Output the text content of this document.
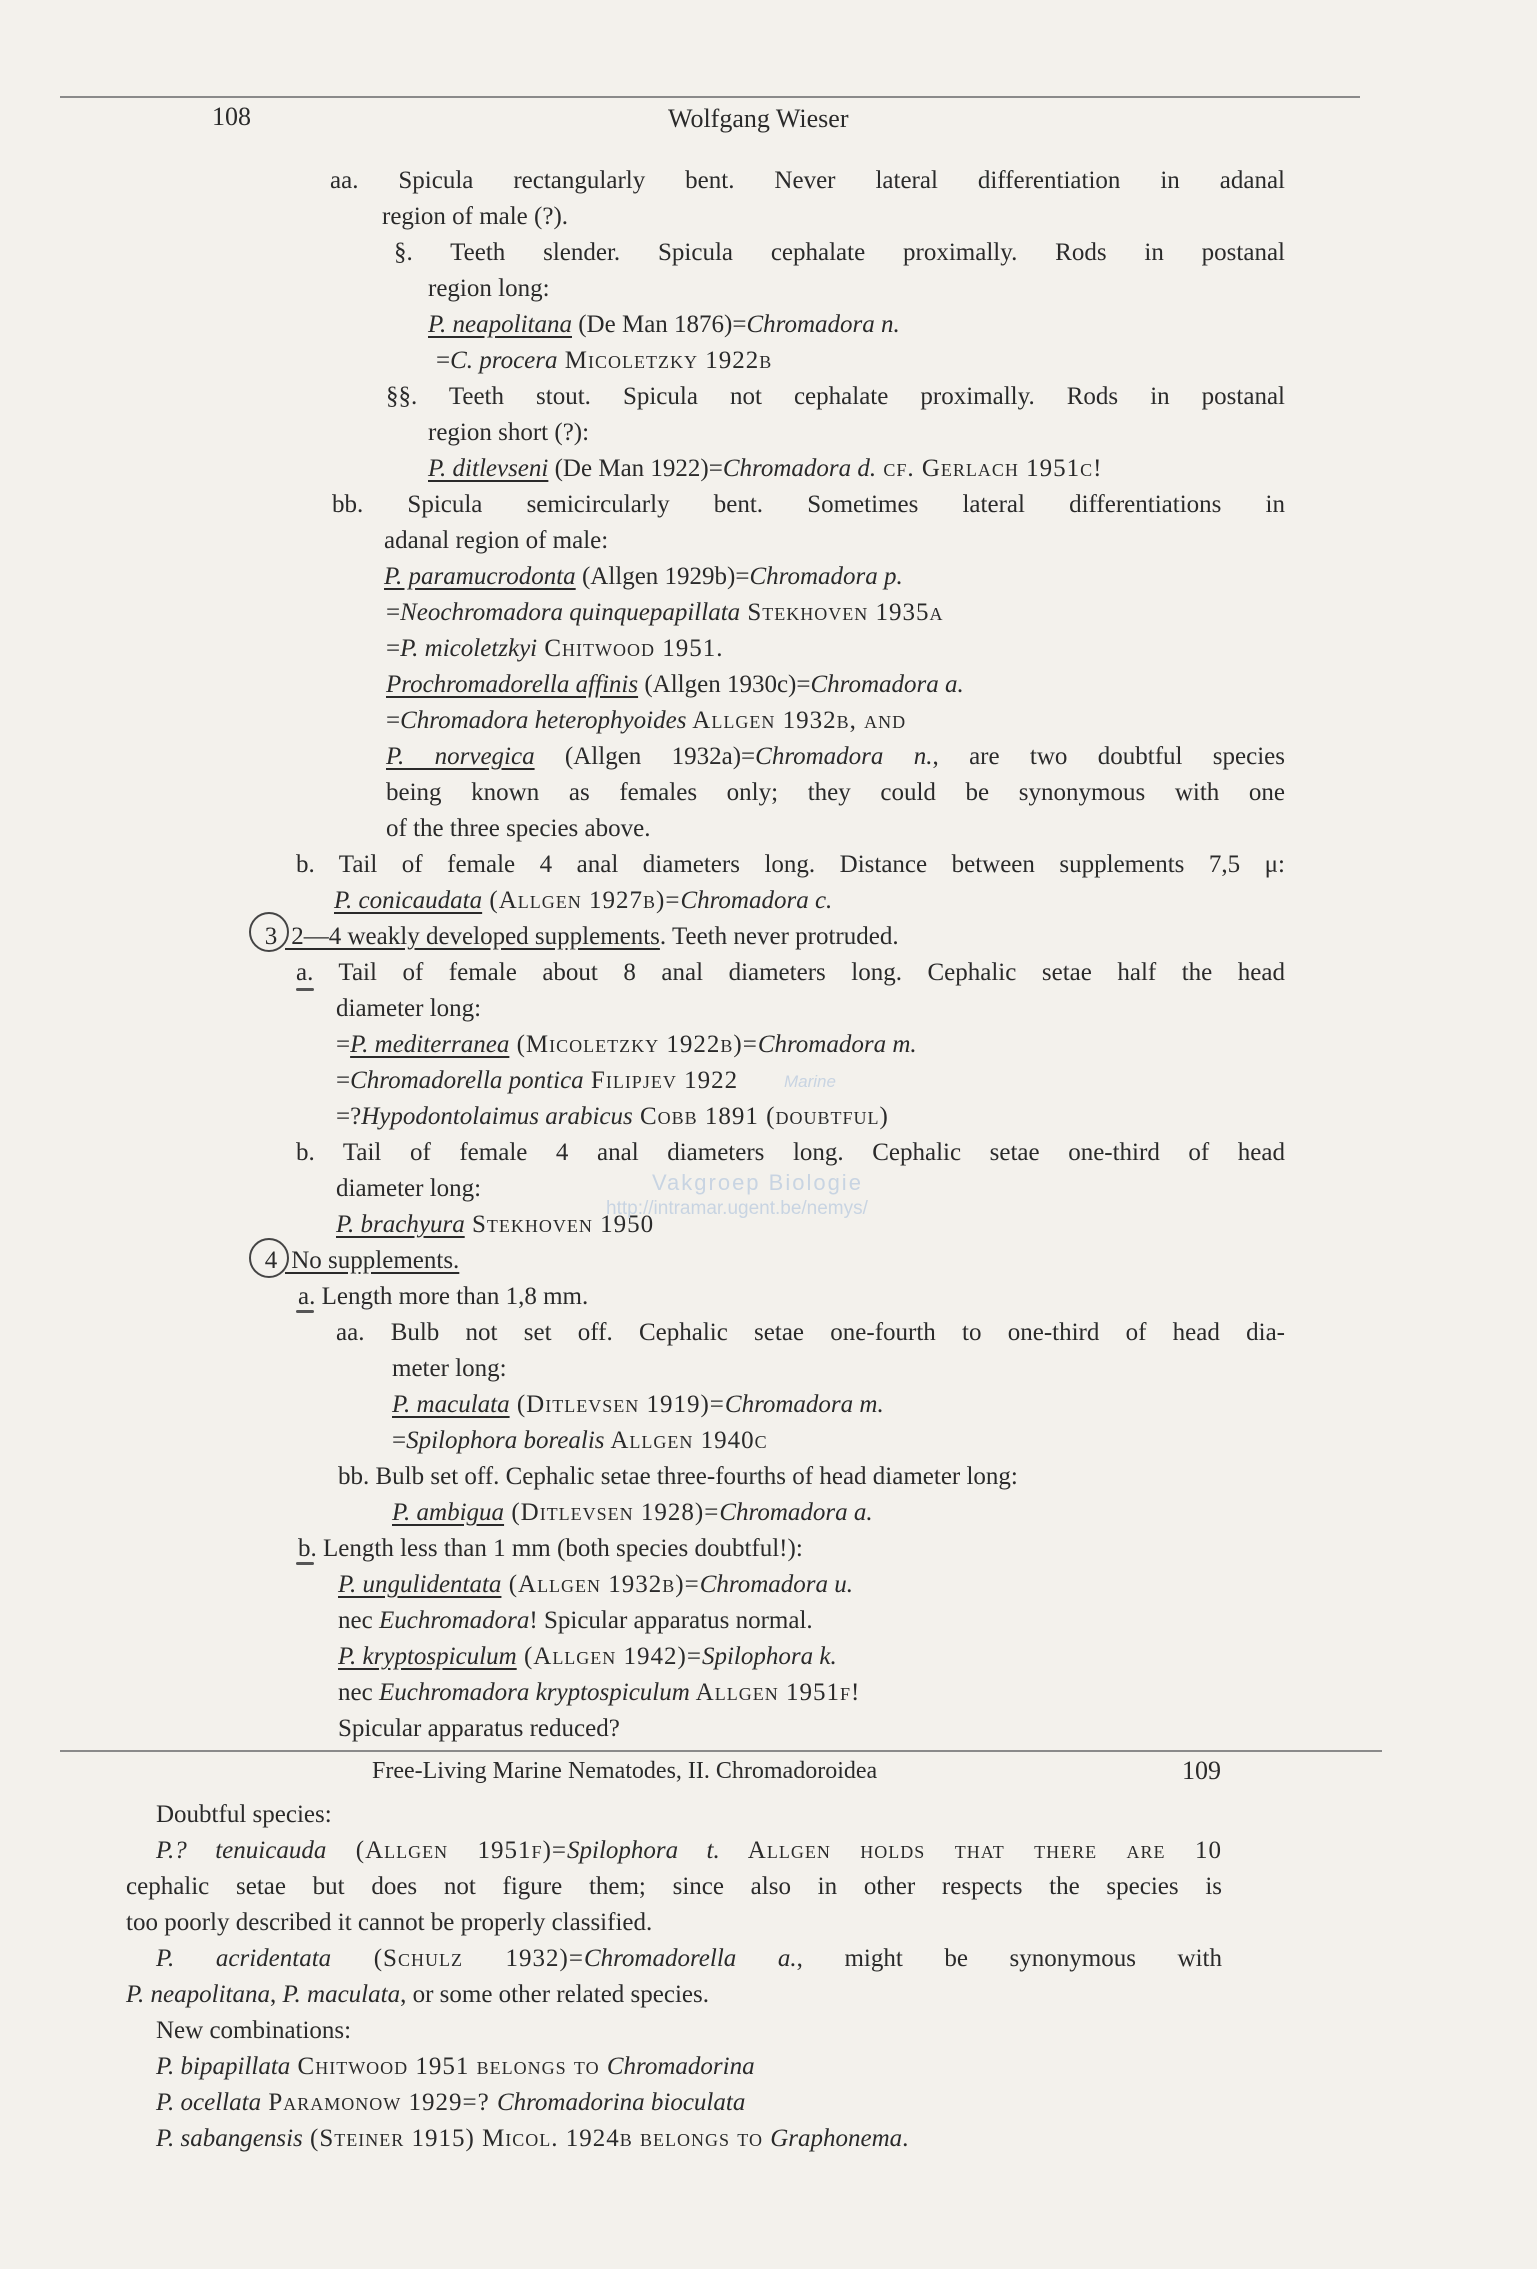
108	Wolfgang Wieser
aa. Spicula rectangularly bent. Never lateral differentiation in adanal
region of male (?).
§. Teeth slender. Spicula cephalate proximally. Rods in postanal
region long:
P. neapolitana (De Man 1876)=Chromadora n.
=C. procera Micoletzky 1922b
§§. Teeth stout. Spicula not cephalate proximally. Rods in postanal
region short (?):
P. ditlevseni (De Man 1922)=Chromadora d. cf. Gerlach 1951c!
bb. Spicula semicircularly bent. Sometimes lateral differentiations in
adanal region of male:
P. paramucrodonta (Allgen 1929b)=Chromadora p.
=Neochromadora quinquepapillata Stekhoven 1935a
=P. micoletzkyi Chitwood 1951.
Prochromadorella affinis (Allgen 1930c)=Chromadora a.
=Chromadora heterophyoides Allgen 1932b, and
P. norvegica (Allgen 1932a)=Chromadora n., are two doubtful species
being known as females only; they could be synonymous with one
of the three species above.
b. Tail of female 4 anal diameters long. Distance between supplements 7,5 μ:
P. conicaudata (Allgen 1927b)=Chromadora c.
3 2—4 weakly developed supplements. Teeth never protruded.
a. Tail of female about 8 anal diameters long. Cephalic setae half the head
diameter long:
=P. mediterranea (Micoletzky 1922b)=Chromadora m.
=Chromadorella pontica Filipjev 1922
=?Hypodontolaimus arabicus Cobb 1891 (doubtful)
b. Tail of female 4 anal diameters long. Cephalic setae one-third of head
diameter long:
P. brachyura Stekhoven 1950
4 No supplements.
a. Length more than 1,8 mm.
aa. Bulb not set off. Cephalic setae one-fourth to one-third of head dia-
meter long:
P. maculata (Ditlevsen 1919)=Chromadora m.
=Spilophora borealis Allgen 1940c
bb. Bulb set off. Cephalic setae three-fourths of head diameter long:
P. ambigua (Ditlevsen 1928)=Chromadora a.
b. Length less than 1 mm (both species doubtful!):
P. ungulidentata (Allgen 1932b)=Chromadora u.
nec Euchromadora! Spicular apparatus normal.
P. kryptospiculum (Allgen 1942)=Spilophora k.
nec Euchromadora kryptospiculum Allgen 1951f!
Spicular apparatus reduced?
Free-Living Marine Nematodes, II. Chromadoroidea	109
Doubtful species:
P.? tenuicauda (Allgen 1951f)=Spilophora t. Allgen holds that there are 10
cephalic setae but does not figure them; since also in other respects the species is
too poorly described it cannot be properly classified.
P. acridentata (Schulz 1932)=Chromadorella a., might be synonymous with
P. neapolitana, P. maculata, or some other related species.
New combinations:
P. bipapillata Chitwood 1951 belongs to Chromadorina
P. ocellata Paramonow 1929=? Chromadorina bioculata
P. sabangensis (Steiner 1915) Micol. 1924b belongs to Graphonema.
Marine
Vakgroep Biologie
http://intramar.ugent.be/nemys/
